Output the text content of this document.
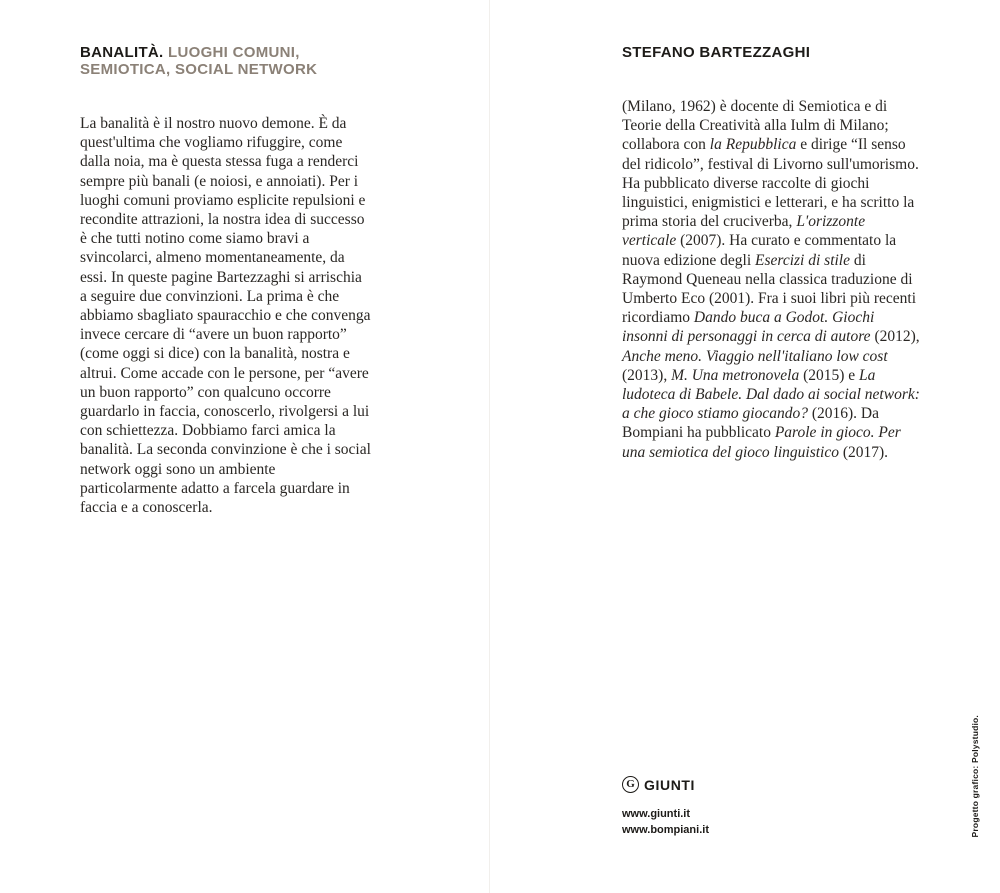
BANALITÀ. LUOGHI COMUNI,
SEMIOTICA, SOCIAL NETWORK

La banalità è il nostro nuovo demone. È da quest'ultima che vogliamo rifuggire, come dalla noia, ma è questa stessa fuga a renderci sempre più banali (e noiosi, e annoiati). Per i luoghi comuni proviamo esplicite repulsioni e recondite attrazioni, la nostra idea di successo è che tutti notino come siamo bravi a svincolarci, almeno momentaneamente, da essi. In queste pagine Bartezzaghi si arrischia a seguire due convinzioni. La prima è che abbiamo sbagliato spauracchio e che convenga invece cercare di “avere un buon rapporto” (come oggi si dice) con la banalità, nostra e altrui. Come accade con le persone, per “avere un buon rapporto” con qualcuno occorre guardarlo in faccia, conoscerlo, rivolgersi a lui con schiettezza. Dobbiamo farci amica la banalità. La seconda convinzione è che i social network oggi sono un ambiente particolarmente adatto a farcela guardare in faccia e a conoscerla.

STEFANO BARTEZZAGHI

(Milano, 1962) è docente di Semiotica e di Teorie della Creatività alla Iulm di Milano; collabora con la Repubblica e dirige “Il senso del ridicolo”, festival di Livorno sull'umorismo. Ha pubblicato diverse raccolte di giochi linguistici, enigmistici e letterari, e ha scritto la prima storia del cruciverba, L'orizzonte verticale (2007). Ha curato e commentato la nuova edizione degli Esercizi di stile di Raymond Queneau nella classica traduzione di Umberto Eco (2001). Fra i suoi libri più recenti ricordiamo Dando buca a Godot. Giochi insonni di personaggi in cerca di autore (2012), Anche meno. Viaggio nell'italiano low cost (2013), M. Una metronovela (2015) e La ludoteca di Babele. Dal dado ai social network: a che gioco stiamo giocando? (2016). Da Bompiani ha pubblicato Parole in gioco. Per una semiotica del gioco linguistico (2017).

G GIUNTI
www.giunti.it
www.bompiani.it	Progetto grafico: Polystudio.
